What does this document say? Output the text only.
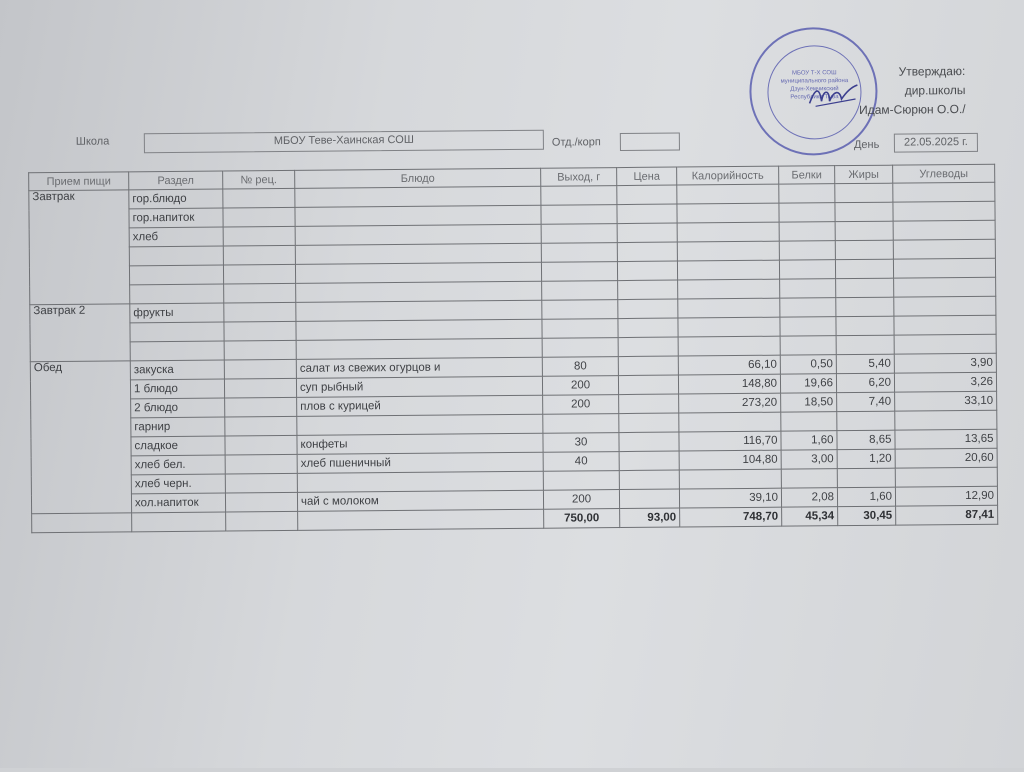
МБОУ Т-Х СОШ муниципального района Дзун-Хемчикский Республики Тыва
Утверждаю:
дир.школы
Идам-Сюрюн О.О./
Школа	МБОУ Теве-Хаинская СОШ	Отд./корп	День	22.05.2025 г.
Прием пищи	Раздел	№ рец.	Блюдо	Выход, г	Цена	Калорийность	Белки	Жиры	Углеводы
Завтрак	гор.блюдо								
	гор.напиток								
	хлеб								

Завтрак 2	фрукты								

Обед	закуска		салат из свежих огурцов и	80		66,10	0,50	5,40	3,90
	1 блюдо		суп рыбный	200		148,80	19,66	6,20	3,26
	2 блюдо		плов с курицей	200		273,20	18,50	7,40	33,10
	гарнир								
	сладкое		конфеты	30		116,70	1,60	8,65	13,65
	хлеб бел.		хлеб пшеничный	40		104,80	3,00	1,20	20,60
	хлеб черн.								
	хол.напиток		чай с молоком	200		39,10	2,08	1,60	12,90
				750,00	93,00	748,70	45,34	30,45	87,41
